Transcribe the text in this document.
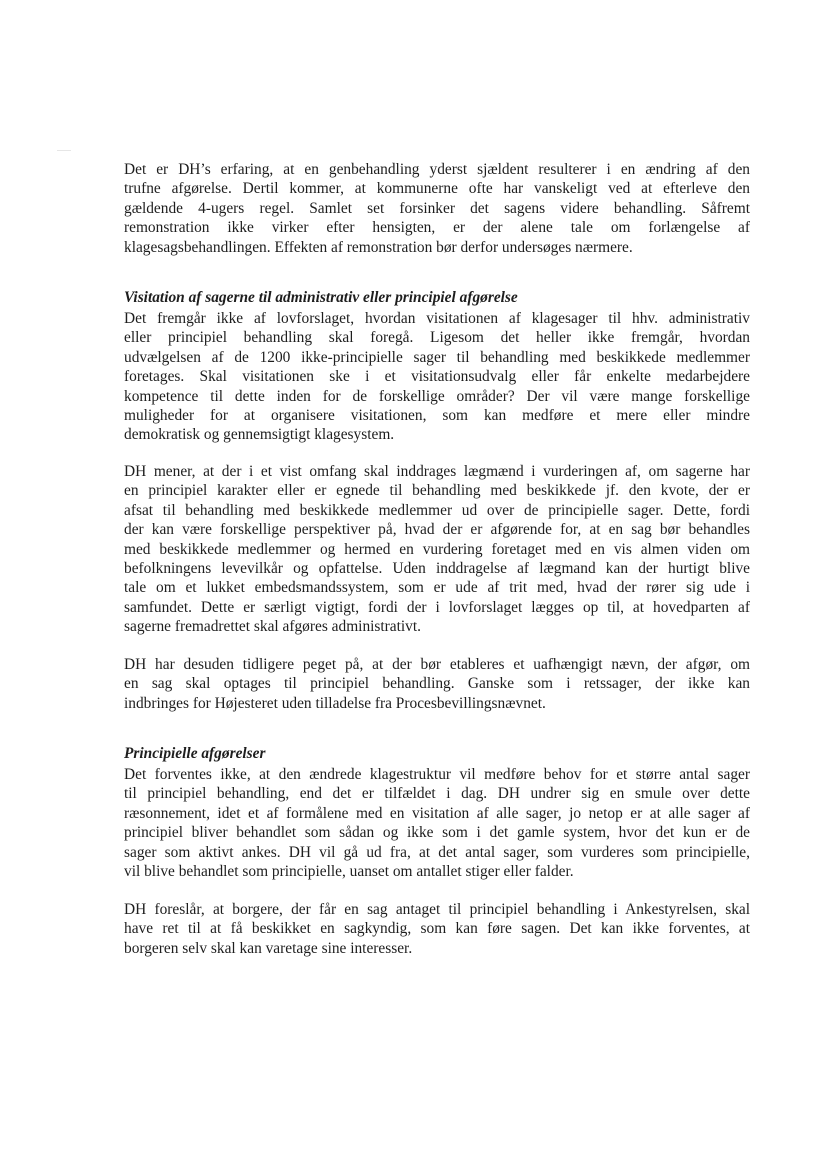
Det er DH’s erfaring, at en genbehandling yderst sjældent resulterer i en ændring af den
trufne afgørelse. Dertil kommer, at kommunerne ofte har vanskeligt ved at efterleve den
gældende 4-ugers regel. Samlet set forsinker det sagens videre behandling. Såfremt
remonstration ikke virker efter hensigten, er der alene tale om forlængelse af
klagesagsbehandlingen. Effekten af remonstration bør derfor undersøges nærmere.
Visitation af sagerne til administrativ eller principiel afgørelse
Det fremgår ikke af lovforslaget, hvordan visitationen af klagesager til hhv. administrativ
eller principiel behandling skal foregå. Ligesom det heller ikke fremgår, hvordan
udvælgelsen af de 1200 ikke-principielle sager til behandling med beskikkede medlemmer
foretages. Skal visitationen ske i et visitationsudvalg eller får enkelte medarbejdere
kompetence til dette inden for de forskellige områder? Der vil være mange forskellige
muligheder for at organisere visitationen, som kan medføre et mere eller mindre
demokratisk og gennemsigtigt klagesystem.
DH mener, at der i et vist omfang skal inddrages lægmænd i vurderingen af, om sagerne har
en principiel karakter eller er egnede til behandling med beskikkede jf. den kvote, der er
afsat til behandling med beskikkede medlemmer ud over de principielle sager. Dette, fordi
der kan være forskellige perspektiver på, hvad der er afgørende for, at en sag bør behandles
med beskikkede medlemmer og hermed en vurdering foretaget med en vis almen viden om
befolkningens levevilkår og opfattelse. Uden inddragelse af lægmand kan der hurtigt blive
tale om et lukket embedsmandssystem, som er ude af trit med, hvad der rører sig ude i
samfundet. Dette er særligt vigtigt, fordi der i lovforslaget lægges op til, at hovedparten af
sagerne fremadrettet skal afgøres administrativt.
DH har desuden tidligere peget på, at der bør etableres et uafhængigt nævn, der afgør, om
en sag skal optages til principiel behandling. Ganske som i retssager, der ikke kan
indbringes for Højesteret uden tilladelse fra Procesbevillingsnævnet.
Principielle afgørelser
Det forventes ikke, at den ændrede klagestruktur vil medføre behov for et større antal sager
til principiel behandling, end det er tilfældet i dag. DH undrer sig en smule over dette
ræsonnement, idet et af formålene med en visitation af alle sager, jo netop er at alle sager af
principiel bliver behandlet som sådan og ikke som i det gamle system, hvor det kun er de
sager som aktivt ankes. DH vil gå ud fra, at det antal sager, som vurderes som principielle,
vil blive behandlet som principielle, uanset om antallet stiger eller falder.
DH foreslår, at borgere, der får en sag antaget til principiel behandling i Ankestyrelsen, skal
have ret til at få beskikket en sagkyndig, som kan føre sagen. Det kan ikke forventes, at
borgeren selv skal kan varetage sine interesser.
